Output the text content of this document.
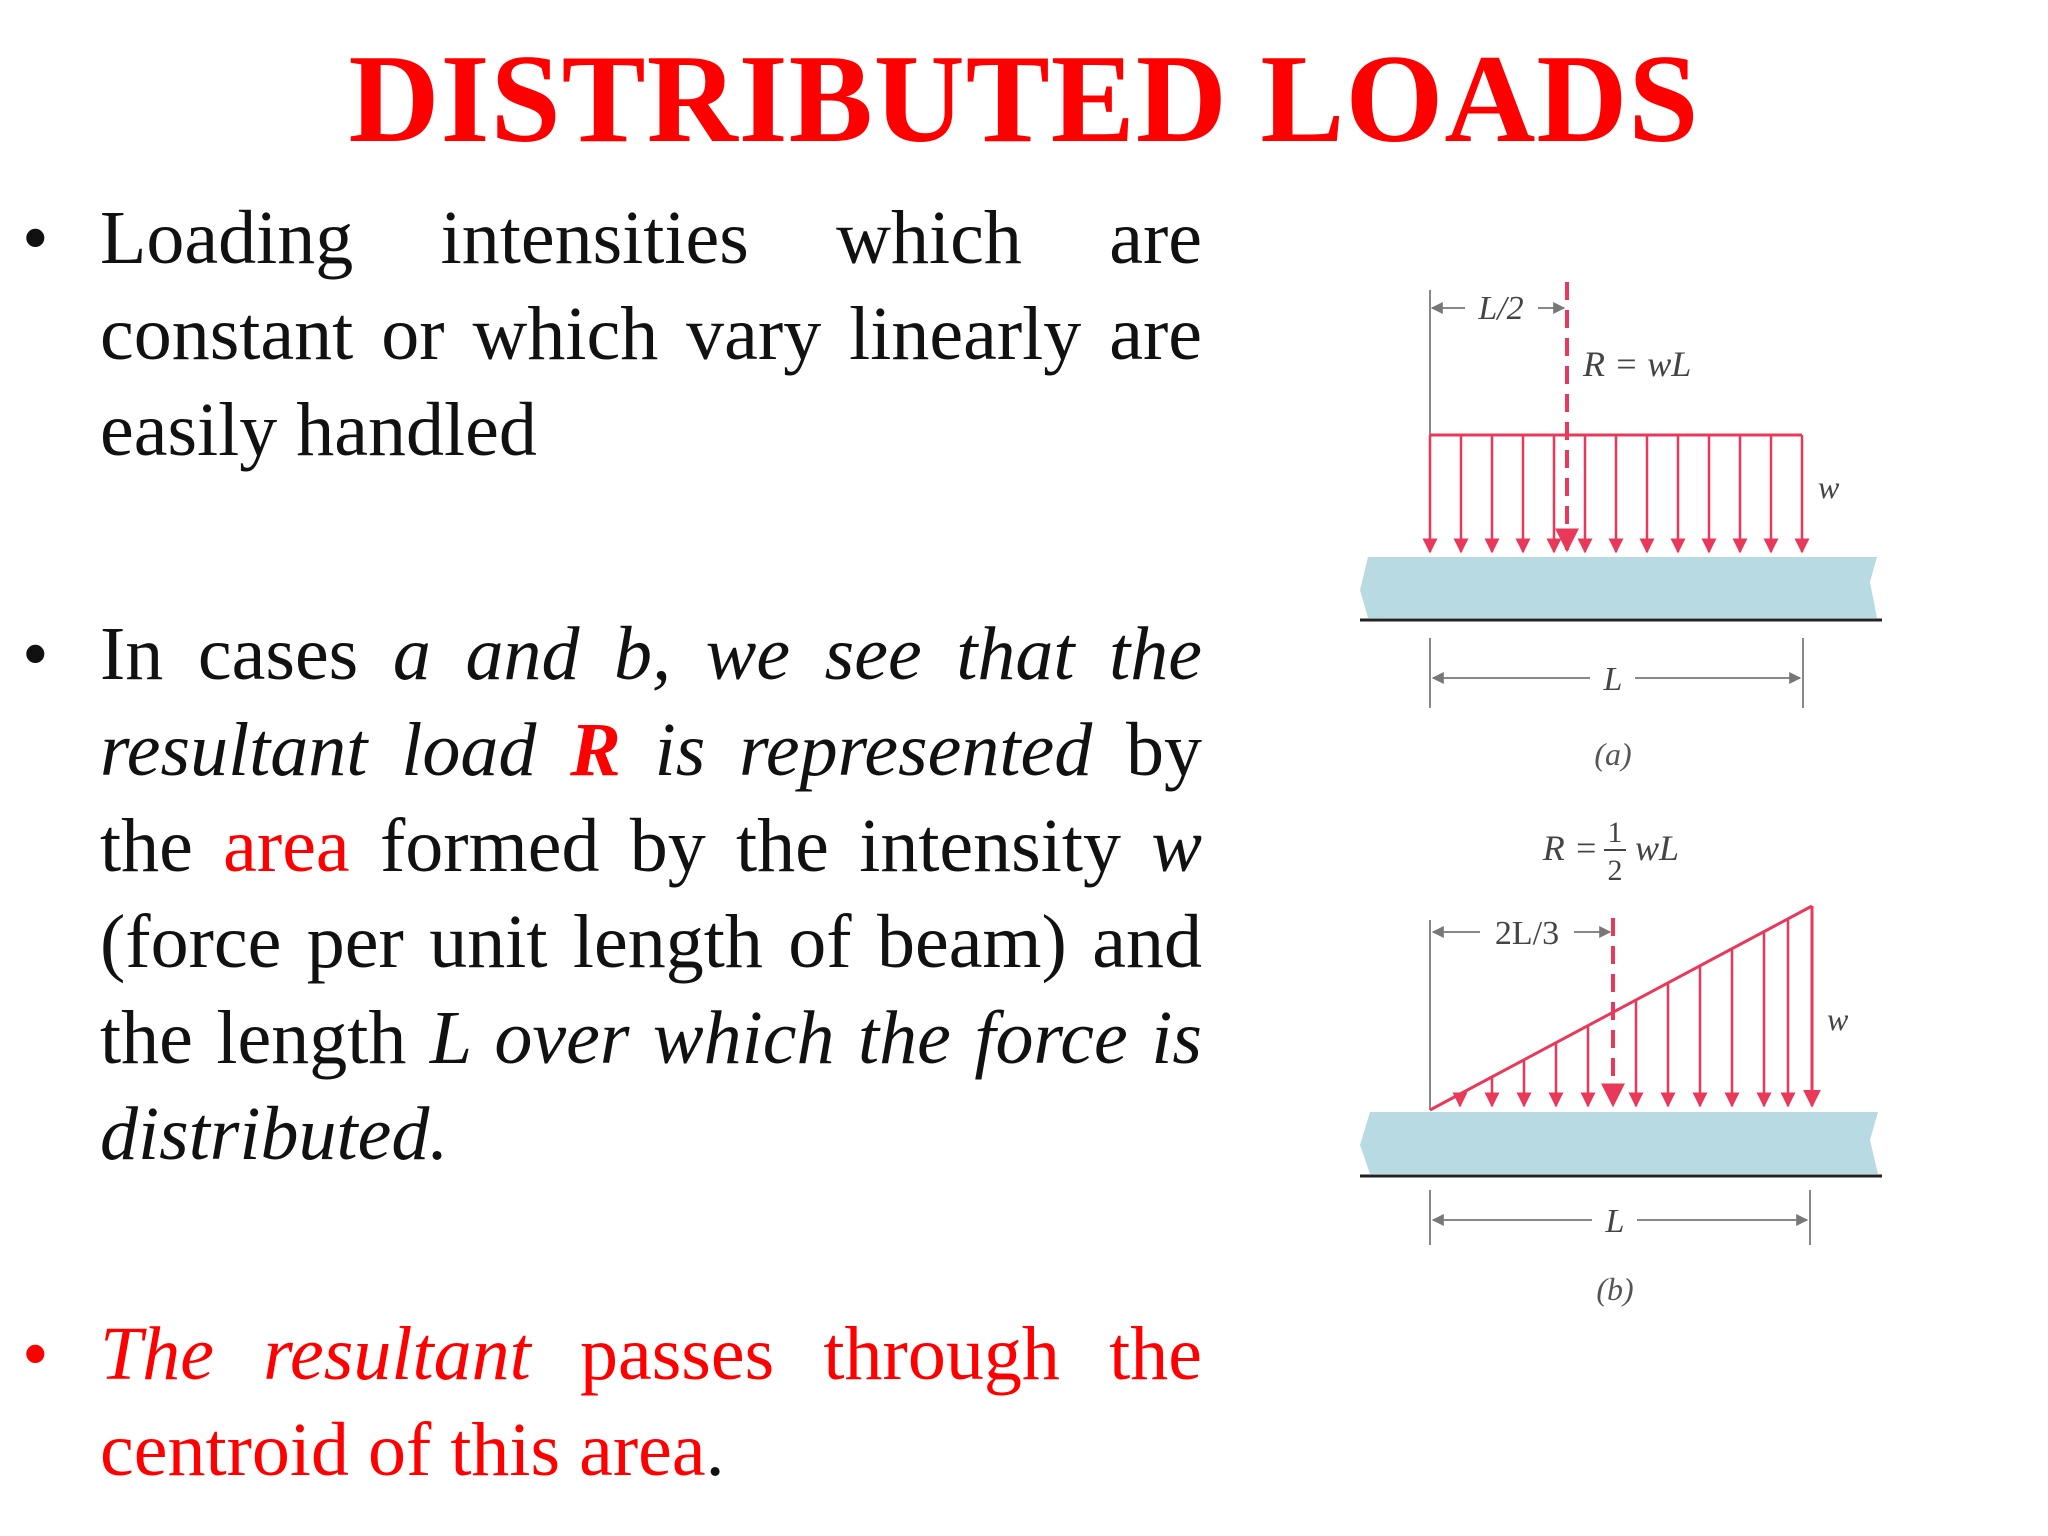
DISTRIBUTED LOADS
• Loading intensities which are constant or which vary linearly are easily handled
• In cases a and b, we see that the resultant load R is represented by the area formed by the intensity w (force per unit length of beam) and the length L over which the force is distributed.
• The resultant passes through the centroid of this area.
L/2
R = wL
w
L
(a)
R = 1
2
wL
2L/3
w
L
(b)
